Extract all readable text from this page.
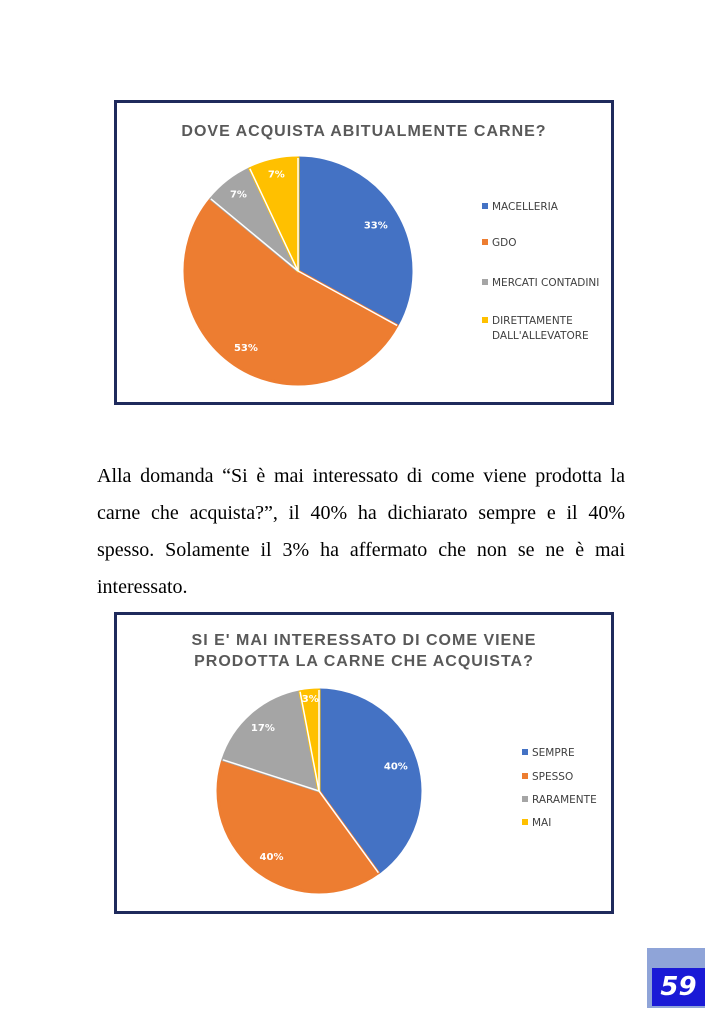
DOVE ACQUISTA ABITUALMENTE CARNE?
33%
53%
7%
7%
MACELLERIA
GDO
MERCATI CONTADINI
DIRETTAMENTE DALL'ALLEVATORE

Alla domanda “Si è mai interessato di come viene prodotta la carne che acquista?”, il 40% ha dichiarato sempre e il 40% spesso. Solamente il 3% ha affermato che non se ne è mai interessato.

SI E' MAI INTERESSATO DI COME VIENE PRODOTTA LA CARNE CHE ACQUISTA?
40%
40%
17%
3%
SEMPRE
SPESSO
RARAMENTE
MAI
59
